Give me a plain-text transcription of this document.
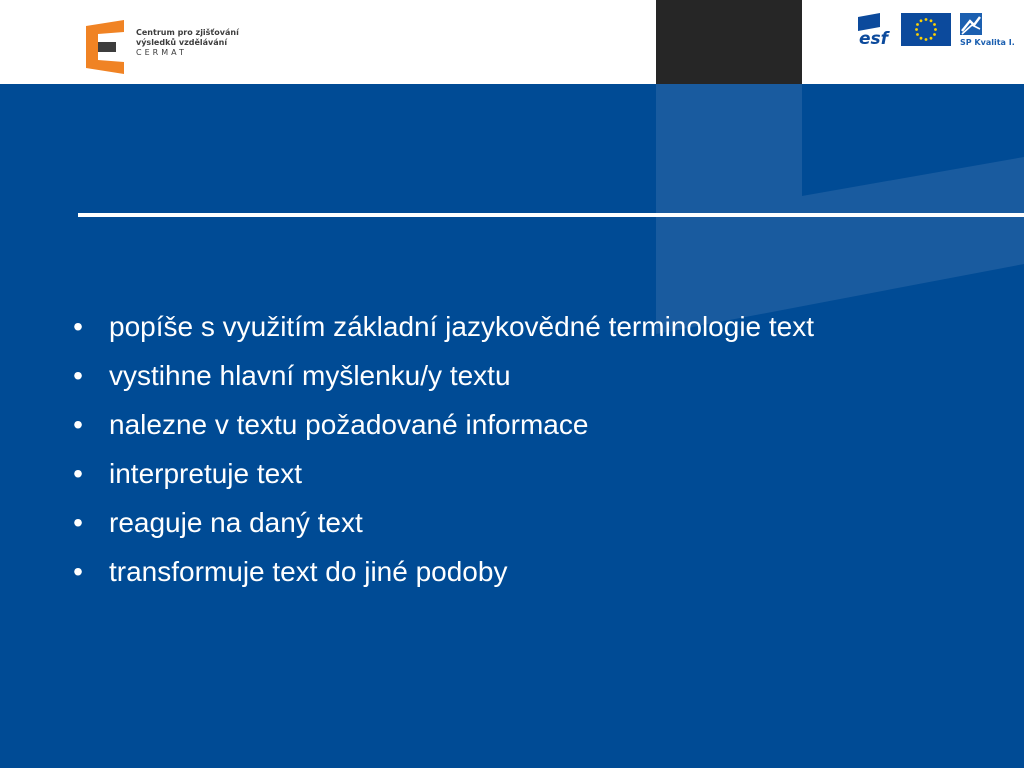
Centrum pro zjišťování
výsledků vzdělávání
CERMAT
esf	SP Kvalita I.
• popíše s využitím základní jazykovědné terminologie text
• vystihne hlavní myšlenku/y textu
• nalezne v textu požadované informace
• interpretuje text
• reaguje na daný text
• transformuje text do jiné podoby
